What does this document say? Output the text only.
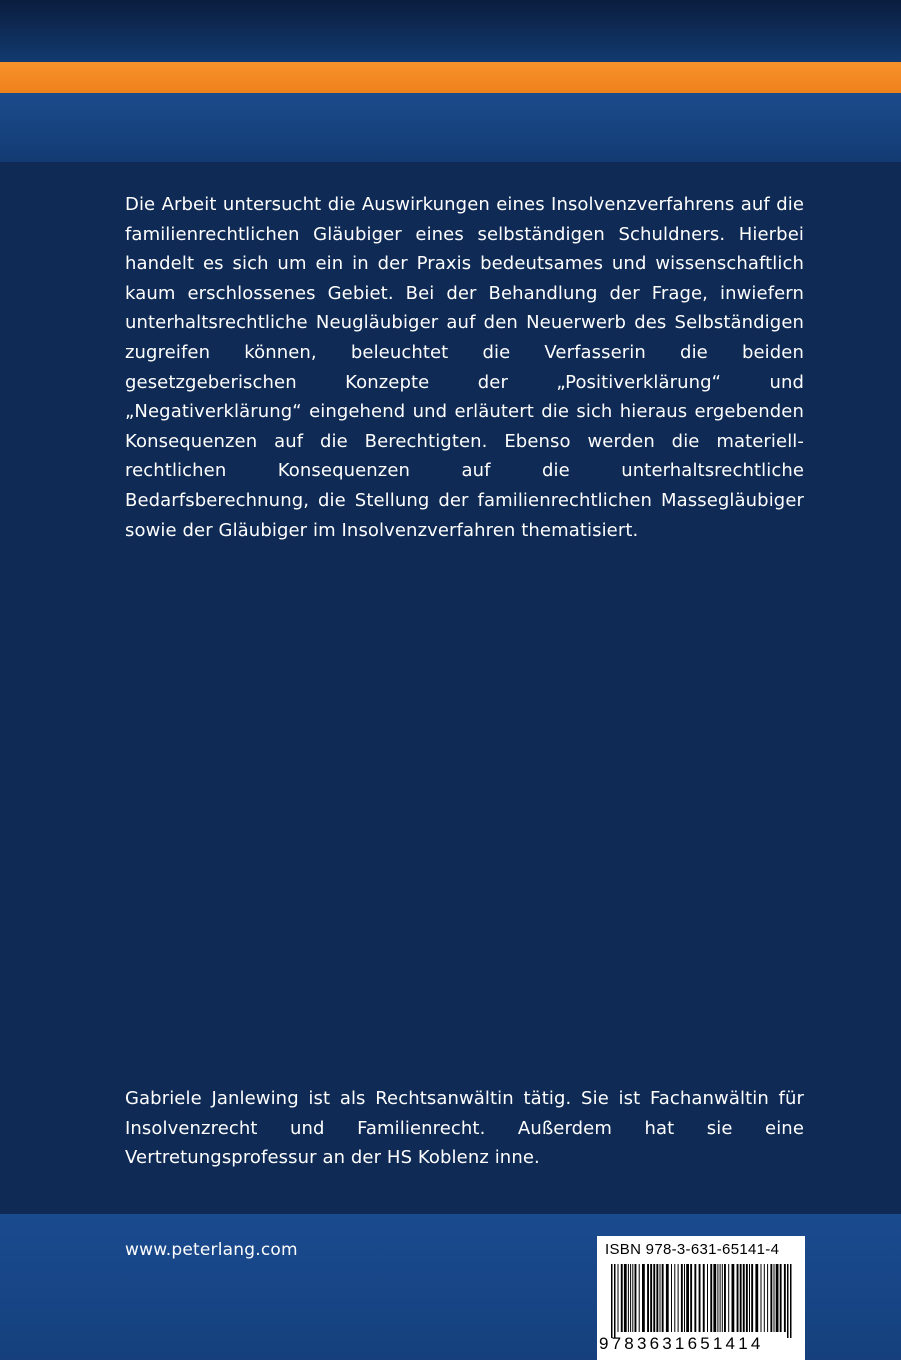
Die Arbeit untersucht die Auswirkungen eines Insolvenzverfahrens auf die familienrechtlichen Gläubiger eines selbständigen Schuldners. Hierbei handelt es sich um ein in der Praxis bedeutsames und wissenschaftlich kaum erschlossenes Gebiet. Bei der Behandlung der Frage, inwiefern unterhaltsrechtliche Neugläubiger auf den Neuerwerb des Selbständigen zugreifen können, beleuchtet die Verfasserin die beiden gesetzgeberischen Konzepte der „Positiverklärung“ und „Negativerklärung“ eingehend und erläutert die sich hieraus ergebenden Konsequenzen auf die Berechtigten. Ebenso werden die materiell-rechtlichen Konsequenzen auf die unterhaltsrechtliche Bedarfsberechnung, die Stellung der familienrechtlichen Massegläubiger sowie der Gläubiger im Insolvenzverfahren thematisiert.

Gabriele Janlewing ist als Rechtsanwältin tätig. Sie ist Fachanwältin für Insolvenzrecht und Familienrecht. Außerdem hat sie eine Vertretungsprofessur an der HS Koblenz inne.

www.peterlang.com	ISBN 978-3-631-65141-4
9783631651414
